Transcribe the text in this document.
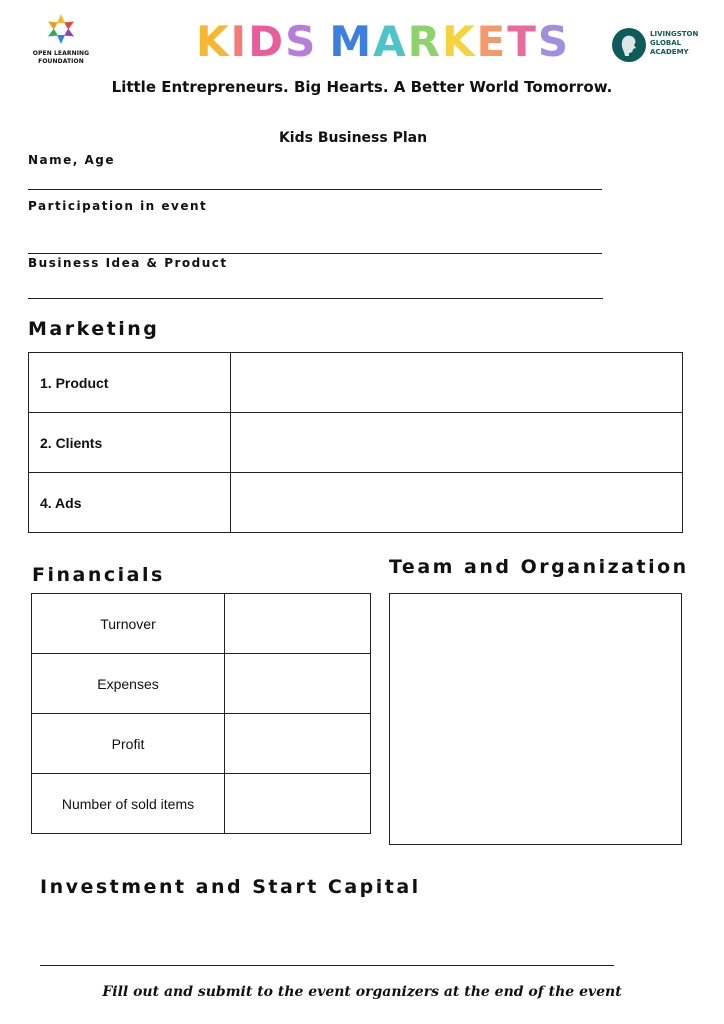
OPEN LEARNING
FOUNDATION	KIDS MARKETS	LIVINGSTON
GLOBAL
ACADEMY
Little Entrepreneurs. Big Hearts. A Better World Tomorrow.
Kids Business Plan
Name, Age
Participation in event
Business Idea & Product
Marketing
1. Product	
2. Clients	
4. Ads	
Financials
Turnover	
Expenses	
Profit	
Number of sold items	
Team and Organization
Investment and Start Capital
Fill out and submit to the event organizers at the end of the event
